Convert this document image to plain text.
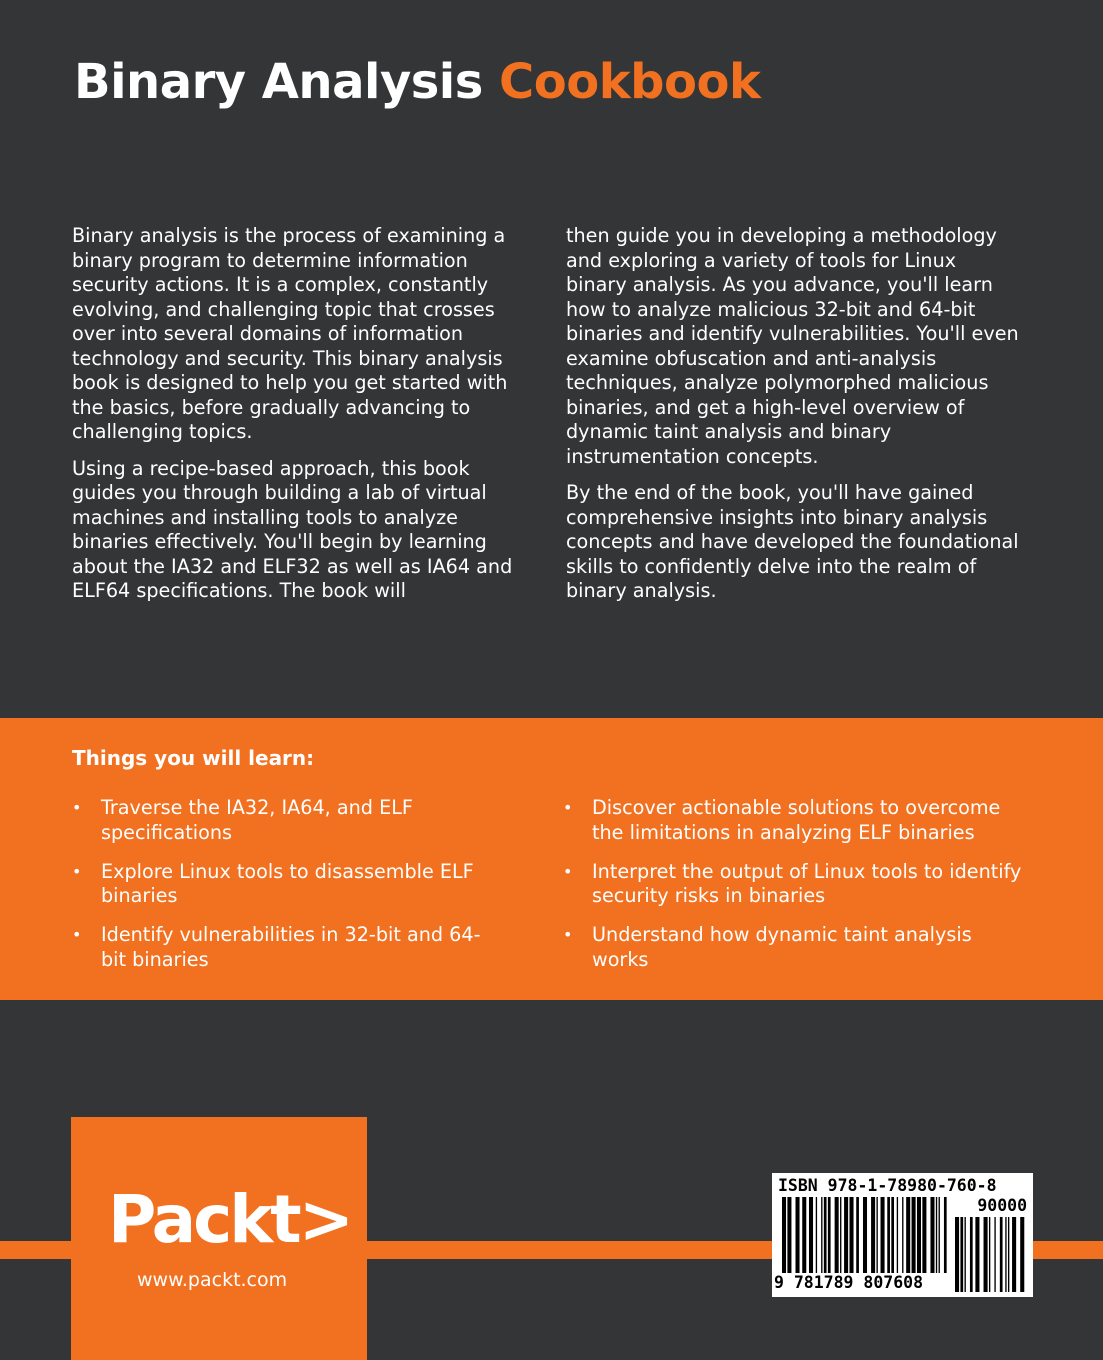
Binary Analysis Cookbook

Binary analysis is the process of examining a binary program to determine information security actions. It is a complex, constantly evolving, and challenging topic that crosses over into several domains of information technology and security. This binary analysis book is designed to help you get started with the basics, before gradually advancing to challenging topics.

Using a recipe-based approach, this book guides you through building a lab of virtual machines and installing tools to analyze binaries effectively. You'll begin by learning about the IA32 and ELF32 as well as IA64 and ELF64 specifications. The book will

then guide you in developing a methodology and exploring a variety of tools for Linux binary analysis. As you advance, you'll learn how to analyze malicious 32-bit and 64-bit binaries and identify vulnerabilities. You'll even examine obfuscation and anti-analysis techniques, analyze polymorphed malicious binaries, and get a high-level overview of dynamic taint analysis and binary instrumentation concepts.

By the end of the book, you'll have gained comprehensive insights into binary analysis concepts and have developed the foundational skills to confidently delve into the realm of binary analysis.

Things you will learn:
• Traverse the IA32, IA64, and ELF specifications
• Explore Linux tools to disassemble ELF binaries
• Identify vulnerabilities in 32-bit and 64-bit binaries
• Discover actionable solutions to overcome the limitations in analyzing ELF binaries
• Interpret the output of Linux tools to identify security risks in binaries
• Understand how dynamic taint analysis works
Packt>
www.packt.com
ISBN 978-1-78980-760-8
90000
9 781789 807608
